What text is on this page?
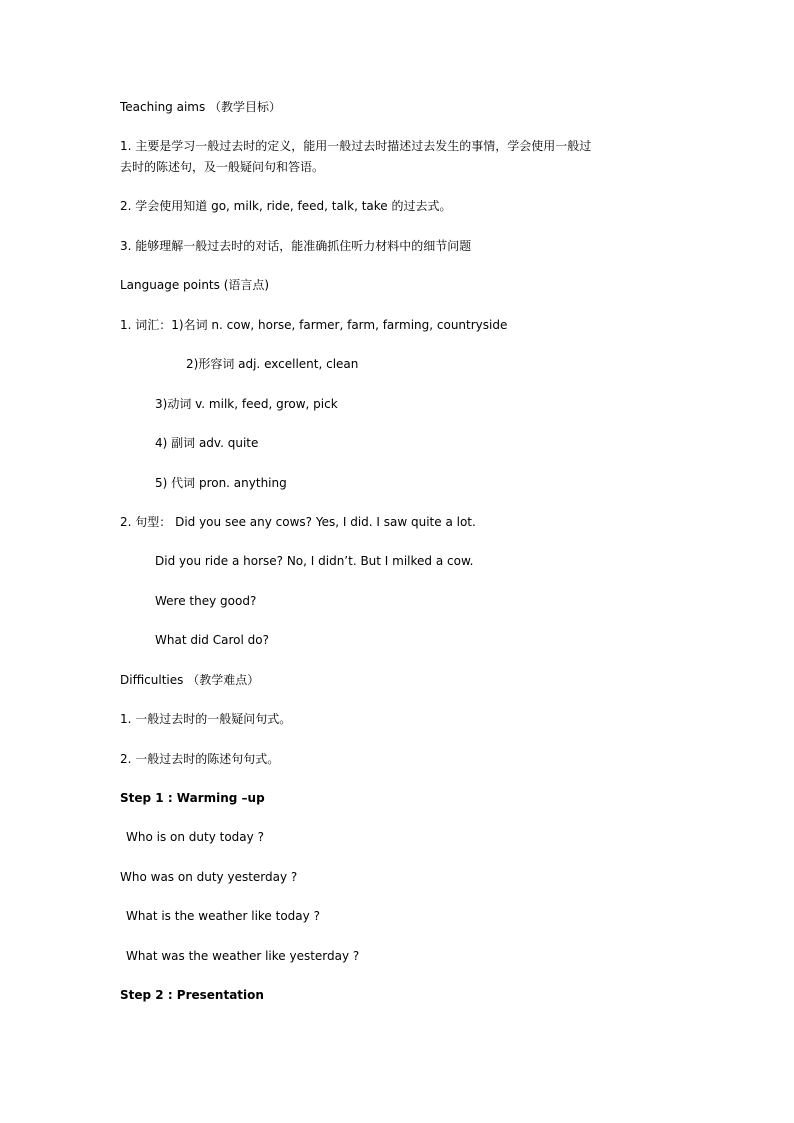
Teaching aims （教学目标）
1. 主要是学习一般过去时的定义，能用一般过去时描述过去发生的事情，学会使用一般过
去时的陈述句，及一般疑问句和答语。
2. 学会使用知道 go, milk, ride, feed, talk, take 的过去式。
3. 能够理解一般过去时的对话，能准确抓住听力材料中的细节问题
Language points (语言点)
1. 词汇：1)名词 n. cow, horse, farmer, farm, farming, countryside
2)形容词 adj. excellent, clean
3)动词 v. milk, feed, grow, pick
4) 副词 adv. quite
5) 代词 pron. anything
2. 句型： Did you see any cows? Yes, I did. I saw quite a lot.
Did you ride a horse? No, I didn’t. But I milked a cow.
Were they good?
What did Carol do?
Difficulties （教学难点）
1. 一般过去时的一般疑问句式。
2. 一般过去时的陈述句句式。
Step 1 : Warming –up
Who is on duty today ?
Who was on duty yesterday ?
What is the weather like today ?
What was the weather like yesterday ?
Step 2 : Presentation
